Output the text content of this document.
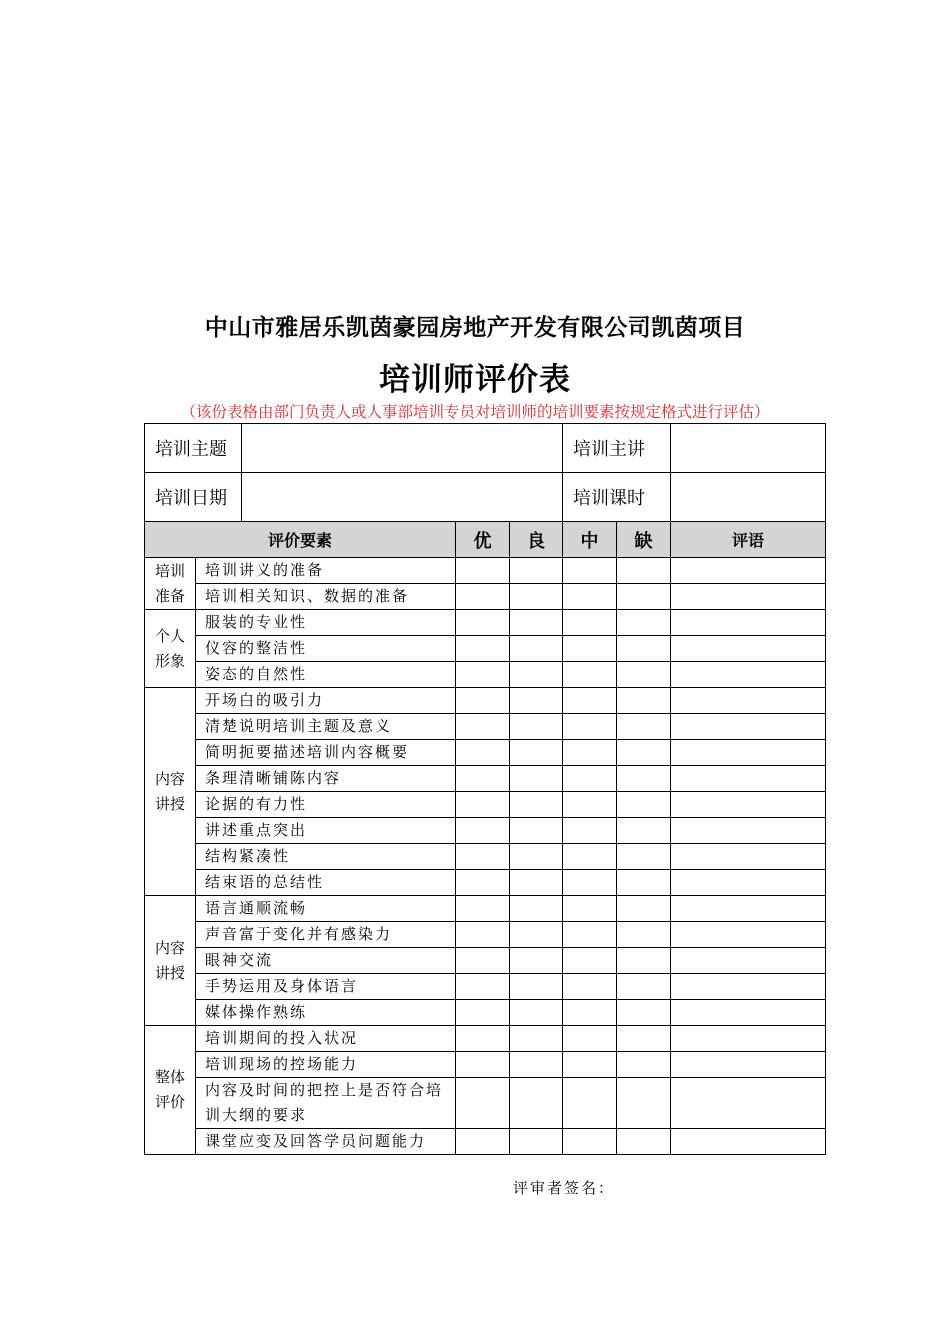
中山市雅居乐凯茵豪园房地产开发有限公司凯茵项目
培训师评价表
（该份表格由部门负责人或人事部培训专员对培训师的培训要素按规定格式进行评估）
培训主题					培训主讲		
培训日期					培训课时		
评价要素			优	良	中	缺	评语

培训
准备	培训讲义的准备						
	培训相关知识、数据的准备						

个人
形象	服装的专业性						
	仪容的整洁性						
	姿态的自然性						

内容
讲授	开场白的吸引力						
	清楚说明培训主题及意义						
	简明扼要描述培训内容概要						
	条理清晰铺陈内容						
	论据的有力性						
	讲述重点突出						
	结构紧凑性						
	结束语的总结性						

内容
讲授	语言通顺流畅						
	声音富于变化并有感染力						
	眼神交流						
	手势运用及身体语言						
	媒体操作熟练						

整体
评价	培训期间的投入状况						
	培训现场的控场能力						
	内容及时间的把控上是否符合培训大纲的要求						
	课堂应变及回答学员问题能力						
评审者签名：
